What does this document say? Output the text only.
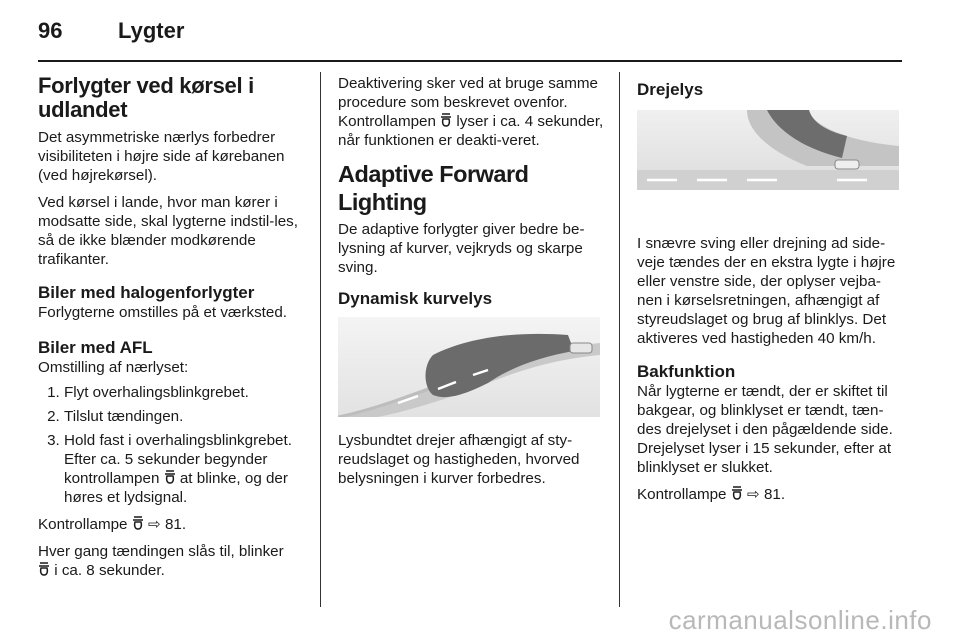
96	Lygter
Forlygter ved kørsel i udlandet

Det asymmetriske nærlys forbedrer visibiliteten i højre side af kørebanen (ved højrekørsel).

Ved kørsel i lande, hvor man kører i modsatte side, skal lygterne indstil-les, så de ikke blænder modkørende trafikanter.

Biler med halogenforlygter

Forlygterne omstilles på et værksted.

Biler med AFL

Omstilling af nærlyset:

1. Flyt overhalingsblinkgrebet.
2. Tilslut tændingen.
3. Hold fast i overhalingsblinkgrebet. Efter ca. 5 sekunder begynder kontrollampen  at blinke, og der høres et lydsignal.

Kontrollampe ⇨ 81.

Hver gang tændingen slås til, blinker
i ca. 8 sekunder.

Deaktivering sker ved at bruge samme procedure som beskrevet ovenfor. Kontrollampen  lyser i ca. 4 sekunder, når funktionen er deakti-veret.

Adaptive Forward Lighting

De adaptive forlygter giver bedre be-lysning af kurver, vejkryds og skarpe sving.

Dynamisk kurvelys

Lysbundtet drejer afhængigt af sty-reudslaget og hastigheden, hvorved belysningen i kurver forbedres.

Drejelys

I snævre sving eller drejning ad side-veje tændes der en ekstra lygte i højre eller venstre side, der oplyser vejba-nen i kørselsretningen, afhængigt af styreudslaget og brug af blinklys. Det aktiveres ved hastigheden 40 km/h.

Bakfunktion

Når lygterne er tændt, der er skiftet til bakgear, og blinklyset er tændt, tæn-des drejelyset i den pågældende side. Drejelyset lyser i 15 sekunder, efter at blinklyset er slukket.

Kontrollampe ⇨ 81.

carmanualsonline.info
